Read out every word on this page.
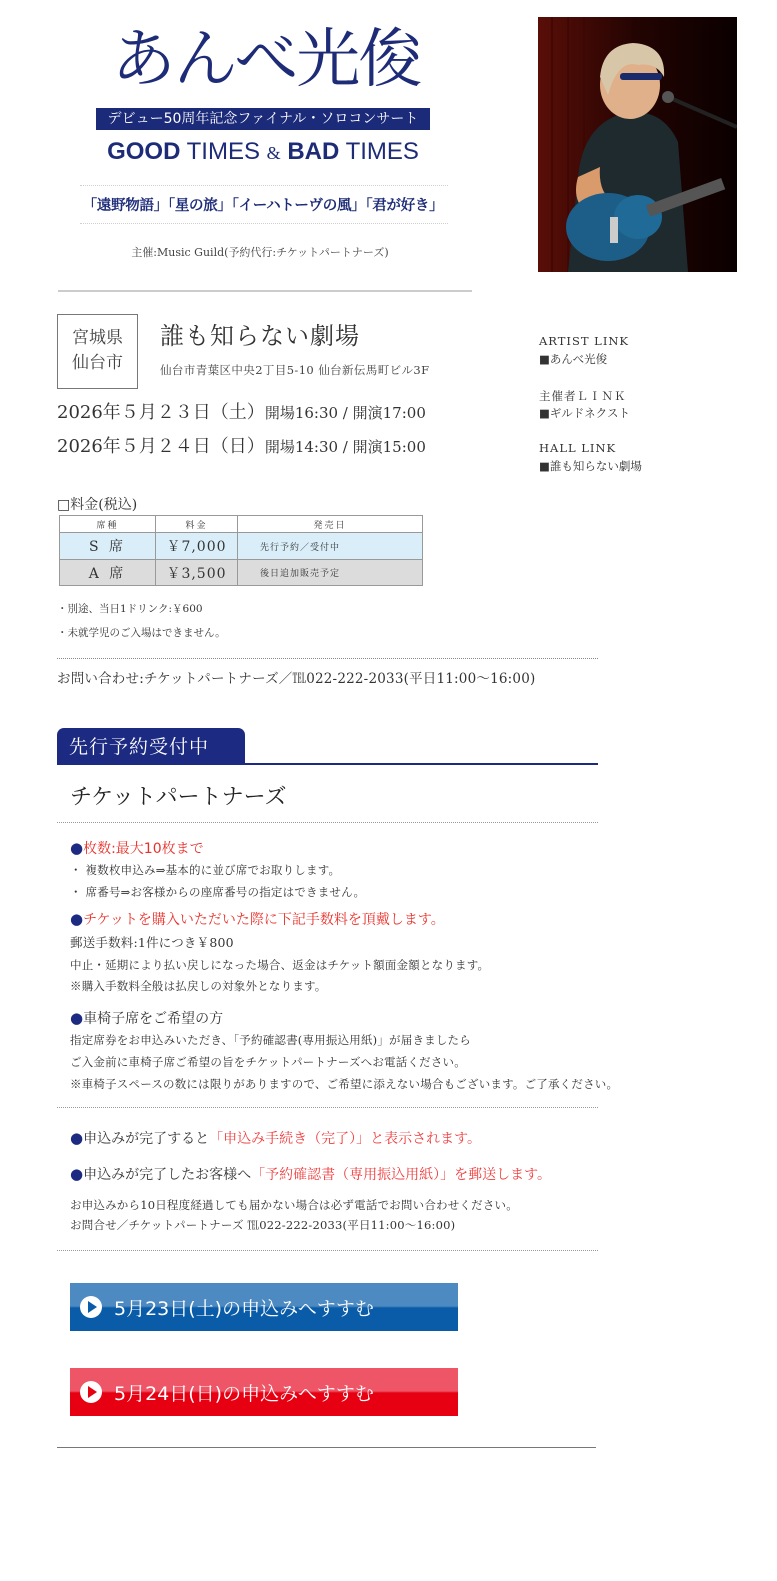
あんべ光俊
デビュー50周年記念ファイナル・ソロコンサート
GOOD TIMES & BAD TIMES
「遠野物語」「星の旅」「イーハトーヴの風」「君が好き」
主催:Music Guild(予約代行:チケットパートナーズ)
宮城県
仙台市
誰も知らない劇場
仙台市青葉区中央2丁目5-10 仙台新伝馬町ビル3F
2026年５月２３日（土）開場16:30 / 開演17:00
2026年５月２４日（日）開場14:30 / 開演15:00
ARTIST LINK
■あんべ光俊
主催者ＬＩＮＫ
■ギルドネクスト
HALL LINK
■誰も知らない劇場
□料金(税込)
席種	料金	発売日
S 席	￥7,000	先行予約／受付中
A 席	￥3,500	後日追加販売予定
・別途、当日1ドリンク:￥600
・未就学児のご入場はできません。
お問い合わせ:チケットパートナーズ／℡022-222-2033(平日11:00〜16:00)
先行予約受付中
チケットパートナーズ
●枚数:最大10枚まで
・ 複数枚申込み⇒基本的に並び席でお取りします。
・ 席番号⇒お客様からの座席番号の指定はできません。
●チケットを購入いただいた際に下記手数料を頂戴します。
郵送手数料:1件につき￥800
中止・延期により払い戻しになった場合、返金はチケット額面金額となります。
※購入手数料全般は払戻しの対象外となります。
●車椅子席をご希望の方
指定席券をお申込みいただき、「予約確認書(専用振込用紙)」が届きましたら
ご入金前に車椅子席ご希望の旨をチケットパートナーズへお電話ください。
※車椅子スペースの数には限りがありますので、ご希望に添えない場合もございます。ご了承ください。
●申込みが完了すると「申込み手続き（完了）」と表示されます。
●申込みが完了したお客様へ「予約確認書（専用振込用紙）」を郵送します。
お申込みから10日程度経過しても届かない場合は必ず電話でお問い合わせください。
お問合せ／チケットパートナーズ ℡022-222-2033(平日11:00〜16:00)
5月23日(土)の申込みへすすむ
5月24日(日)の申込みへすすむ
